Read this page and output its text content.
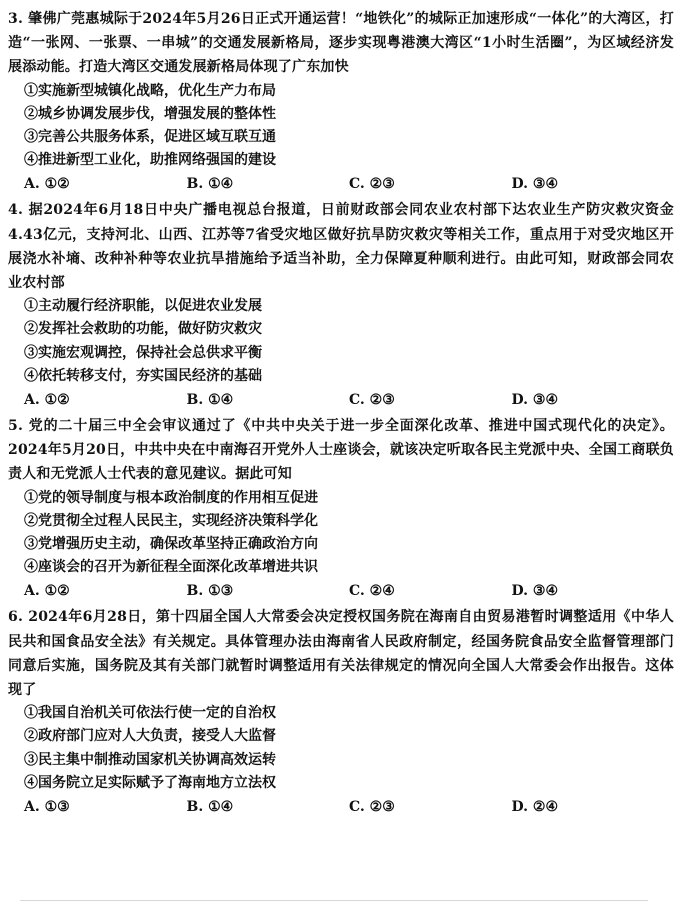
3. 肇佛广莞惠城际于2024年5月26日正式开通运营！“地铁化”的城际正加速形成“一体化”的大湾区，打造“一张网、一张票、一串城”的交通发展新格局，逐步实现粤港澳大湾区“1小时生活圈”，为区域经济发展添动能。打造大湾区交通发展新格局体现了广东加快

①实施新型城镇化战略，优化生产力布局
②城乡协调发展步伐，增强发展的整体性
③完善公共服务体系，促进区域互联互通
④推进新型工业化，助推网络强国的建设
A. ①②	B. ①④	C. ②③	D. ③④

4. 据2024年6月18日中央广播电视总台报道，日前财政部会同农业农村部下达农业生产防灾救灾资金4.43亿元，支持河北、山西、江苏等7省受灾地区做好抗旱防灾救灾等相关工作，重点用于对受灾地区开展浇水补墒、改种补种等农业抗旱措施给予适当补助，全力保障夏种顺利进行。由此可知，财政部会同农业农村部

①主动履行经济职能，以促进农业发展
②发挥社会救助的功能，做好防灾救灾
③实施宏观调控，保持社会总供求平衡
④依托转移支付，夯实国民经济的基础
A. ①②	B. ①④	C. ②③	D. ③④

5. 党的二十届三中全会审议通过了《中共中央关于进一步全面深化改革、推进中国式现代化的决定》。2024年5月20日，中共中央在中南海召开党外人士座谈会，就该决定听取各民主党派中央、全国工商联负责人和无党派人士代表的意见建议。据此可知

①党的领导制度与根本政治制度的作用相互促进
②党贯彻全过程人民民主，实现经济决策科学化
③党增强历史主动，确保改革坚持正确政治方向
④座谈会的召开为新征程全面深化改革增进共识
A. ①②	B. ①③	C. ②④	D. ③④

6. 2024年6月28日，第十四届全国人大常委会决定授权国务院在海南自由贸易港暂时调整适用《中华人民共和国食品安全法》有关规定。具体管理办法由海南省人民政府制定，经国务院食品安全监督管理部门同意后实施，国务院及其有关部门就暂时调整适用有关法律规定的情况向全国人大常委会作出报告。这体现了

①我国自治机关可依法行使一定的自治权
②政府部门应对人大负责，接受人大监督
③民主集中制推动国家机关协调高效运转
④国务院立足实际赋予了海南地方立法权
A. ①③	B. ①④	C. ②③	D. ②④
